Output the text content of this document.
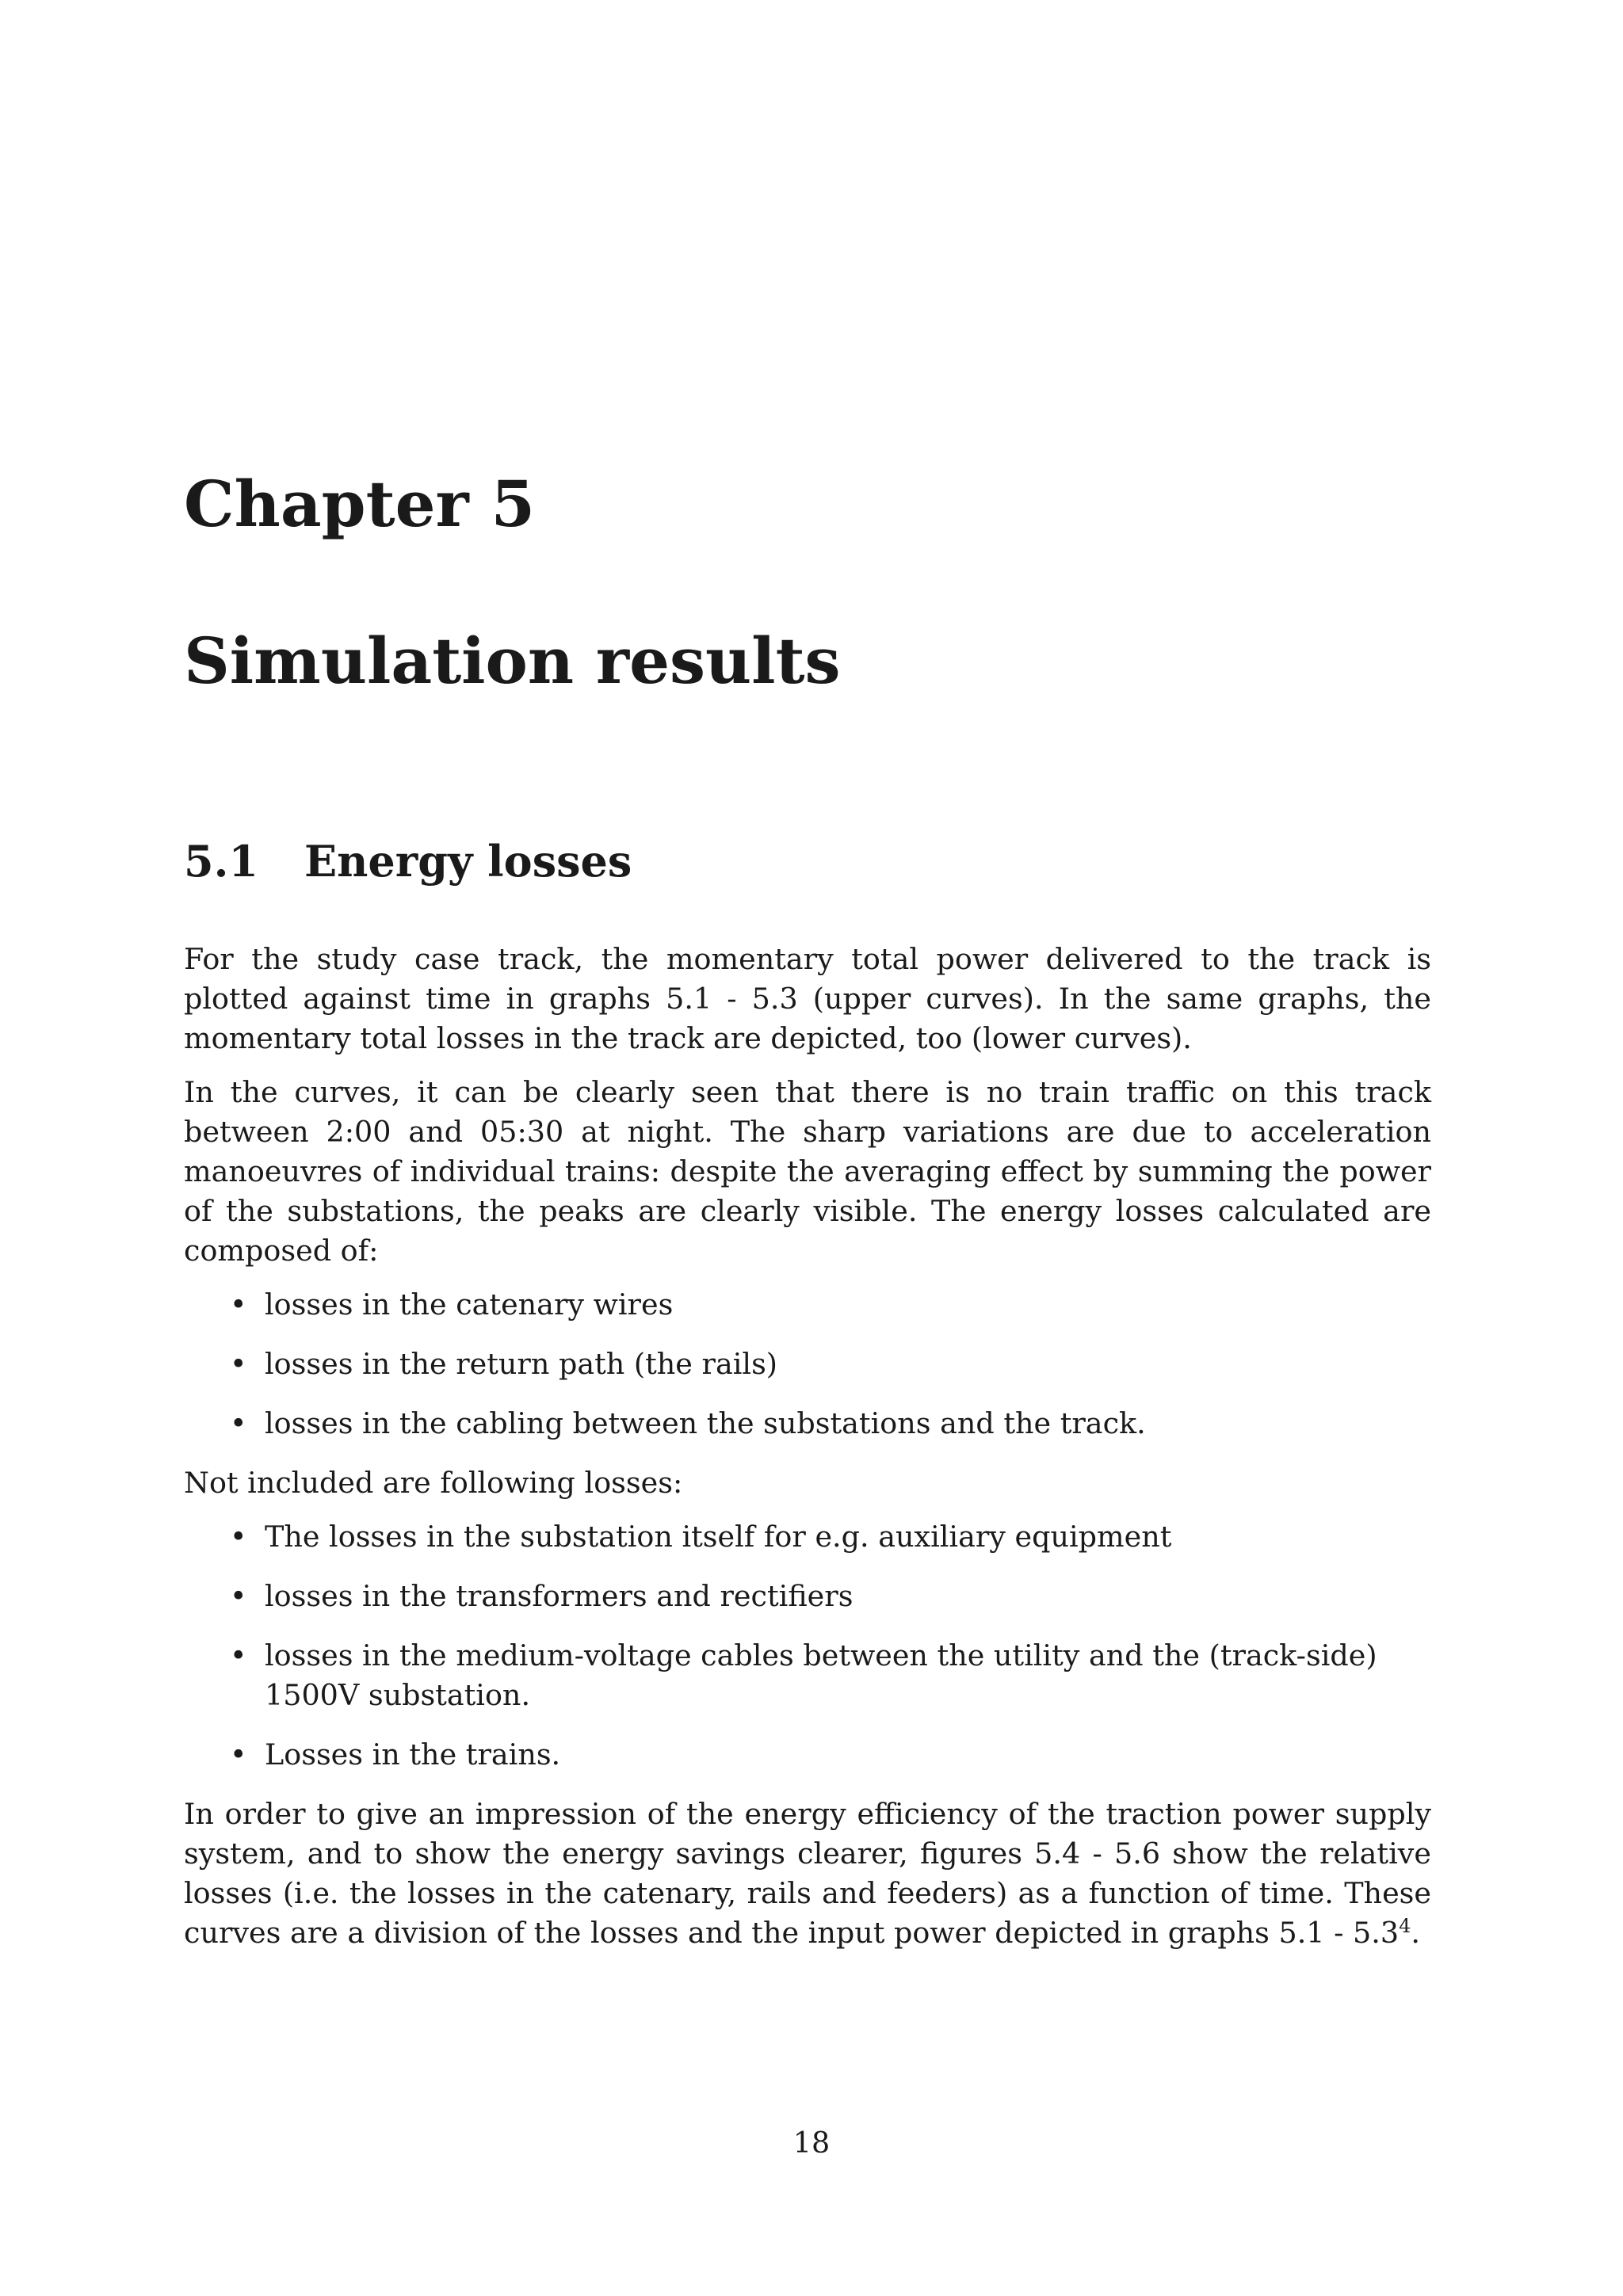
Chapter 5
Simulation results
5.1 Energy losses

For the study case track, the momentary total power delivered to the track is plotted against time in graphs 5.1 - 5.3 (upper curves). In the same graphs, the momentary total losses in the track are depicted, too (lower curves).

In the curves, it can be clearly seen that there is no train traffic on this track between 2:00 and 05:30 at night. The sharp variations are due to acceleration manoeuvres of individual trains: despite the averaging effect by summing the power of the substations, the peaks are clearly visible. The energy losses calculated are composed of:

• losses in the catenary wires
• losses in the return path (the rails)
• losses in the cabling between the substations and the track.

Not included are following losses:

• The losses in the substation itself for e.g. auxiliary equipment
• losses in the transformers and rectifiers
• losses in the medium-voltage cables between the utility and the (track-side) 1500V substation.
• Losses in the trains.

In order to give an impression of the energy efficiency of the traction power supply system, and to show the energy savings clearer, figures 5.4 - 5.6 show the relative losses (i.e. the losses in the catenary, rails and feeders) as a function of time. These curves are a division of the losses and the input power depicted in graphs $5.1 - 5.3^4$.

18
